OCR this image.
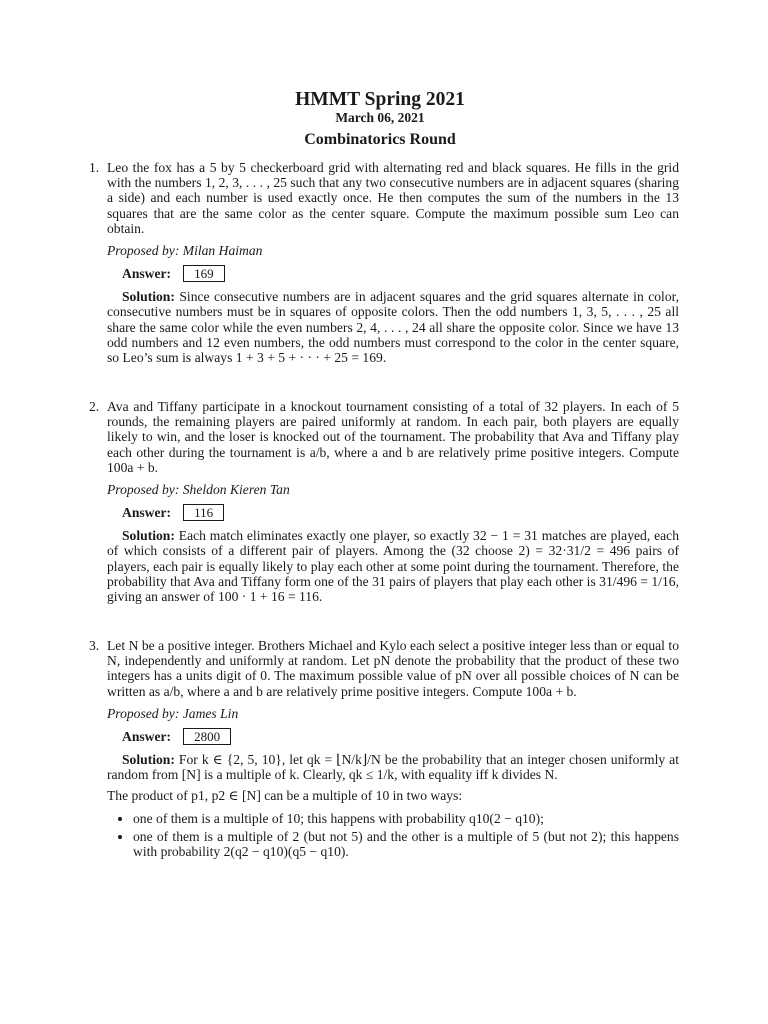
HMMT Spring 2021
March 06, 2021
Combinatorics Round
1. Leo the fox has a 5 by 5 checkerboard grid with alternating red and black squares. He fills in the grid with the numbers 1, 2, 3, . . . , 25 such that any two consecutive numbers are in adjacent squares (sharing a side) and each number is used exactly once. He then computes the sum of the numbers in the 13 squares that are the same color as the center square. Compute the maximum possible sum Leo can obtain.
Proposed by: Milan Haiman
Answer:	169
Solution: Since consecutive numbers are in adjacent squares and the grid squares alternate in color, consecutive numbers must be in squares of opposite colors. Then the odd numbers 1, 3, 5, . . . , 25 all share the same color while the even numbers 2, 4, . . . , 24 all share the opposite color. Since we have 13 odd numbers and 12 even numbers, the odd numbers must correspond to the color in the center square, so Leo’s sum is always 1 + 3 + 5 + · · · + 25 = 169.
2. Ava and Tiffany participate in a knockout tournament consisting of a total of 32 players. In each of 5 rounds, the remaining players are paired uniformly at random. In each pair, both players are equally likely to win, and the loser is knocked out of the tournament. The probability that Ava and Tiffany play each other during the tournament is a/b, where a and b are relatively prime positive integers. Compute 100a + b.
Proposed by: Sheldon Kieren Tan
Answer:	116
Solution: Each match eliminates exactly one player, so exactly 32 − 1 = 31 matches are played, each of which consists of a different pair of players. Among the (32 choose 2) = 32·31/2 = 496 pairs of players, each pair is equally likely to play each other at some point during the tournament. Therefore, the probability that Ava and Tiffany form one of the 31 pairs of players that play each other is 31/496 = 1/16, giving an answer of 100 · 1 + 16 = 116.
3. Let N be a positive integer. Brothers Michael and Kylo each select a positive integer less than or equal to N, independently and uniformly at random. Let pN denote the probability that the product of these two integers has a units digit of 0. The maximum possible value of pN over all possible choices of N can be written as a/b, where a and b are relatively prime positive integers. Compute 100a + b.
Proposed by: James Lin
Answer:	2800
Solution: For k ∈ {2, 5, 10}, let qk = ⌊N/k⌋/N be the probability that an integer chosen uniformly at random from [N] is a multiple of k. Clearly, qk ≤ 1/k, with equality iff k divides N.
The product of p1, p2 ∈ [N] can be a multiple of 10 in two ways:
• one of them is a multiple of 10; this happens with probability q10(2 − q10);
• one of them is a multiple of 2 (but not 5) and the other is a multiple of 5 (but not 2); this happens with probability 2(q2 − q10)(q5 − q10).
